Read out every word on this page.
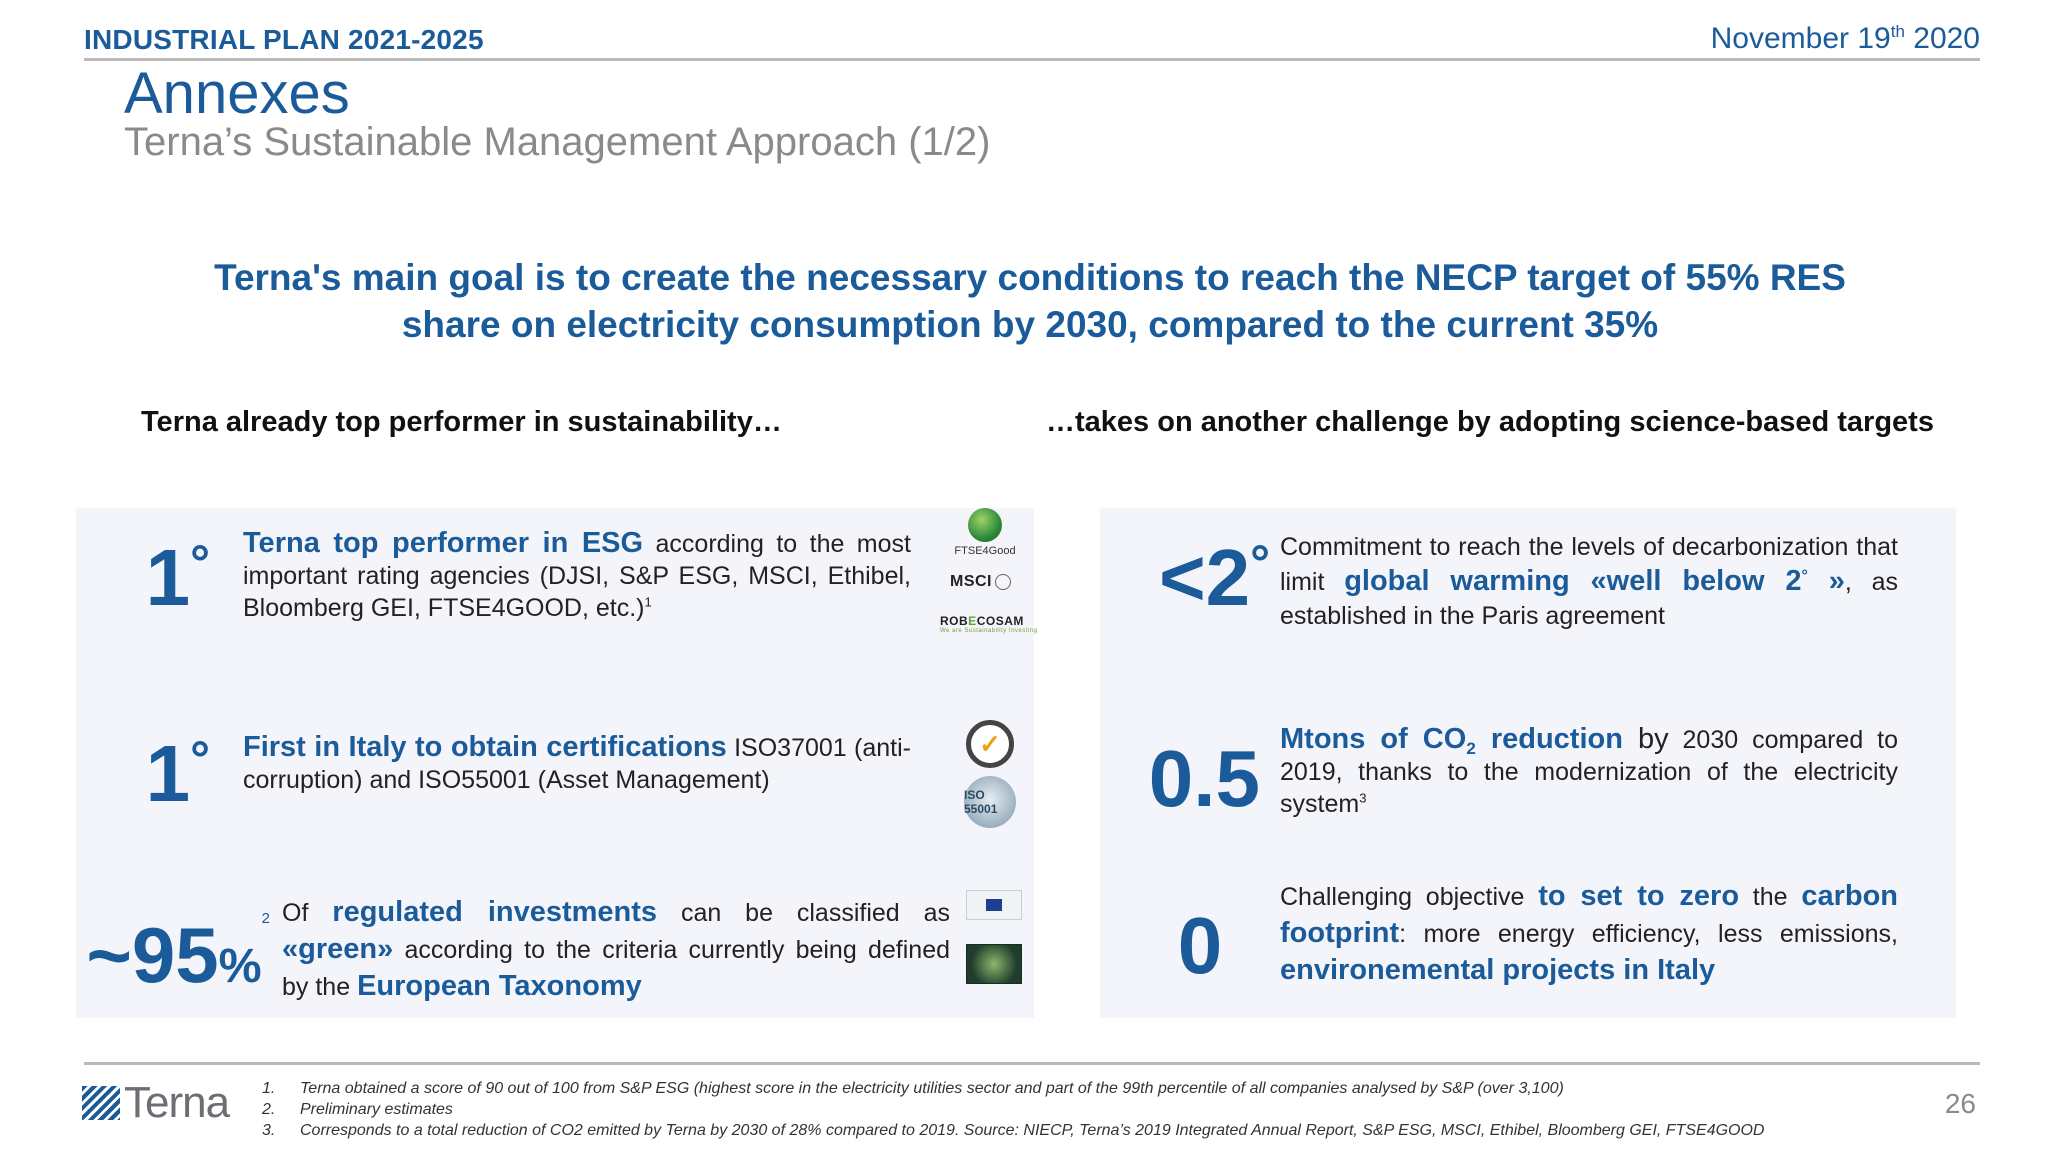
INDUSTRIAL PLAN 2021-2025	November 19th 2020
Annexes
Terna’s Sustainable Management Approach (1/2)
Terna's main goal is to create the necessary conditions to reach the NECP target of 55% RES
share on electricity consumption by 2030, compared to the current 35%
Terna already top performer in sustainability…	…takes on another challenge by adopting science-based targets
1° Terna top performer in ESG according to the most important rating agencies (DJSI, S&P ESG, MSCI, Ethibel, Bloomberg GEI, FTSE4GOOD, etc.)$^1$
FTSE4Good
MSCI
ROBECOSAM
We are Sustainability Investing
1° First in Italy to obtain certifications ISO37001 (anti-corruption) and ISO55001 (Asset Management)
✓
ISO 55001
~95%$^2$ Of regulated investments can be classified as «green» according to the criteria currently being defined by the European Taxonomy
<2° Commitment to reach the levels of decarbonization that limit global warming «well below 2° », as established in the Paris agreement
0.5 Mtons of $CO_2$ reduction by 2030 compared to 2019, thanks to the modernization of the electricity system$^3$
0
Challenging objective to set to zero the carbon footprint: more energy efficiency, less emissions, environemental projects in Italy
Terna 1.	Terna obtained a score of 90 out of 100 from S&P ESG (highest score in the electricity utilities sector and part of the 99th percentile of all companies analysed by S&P (over 3,100)
2.	Preliminary estimates
3.	Corresponds to a total reduction of CO2 emitted by Terna by 2030 of 28% compared to 2019. Source: NIECP, Terna’s 2019 Integrated Annual Report, S&P ESG, MSCI, Ethibel, Bloomberg GEI, FTSE4GOOD
26
